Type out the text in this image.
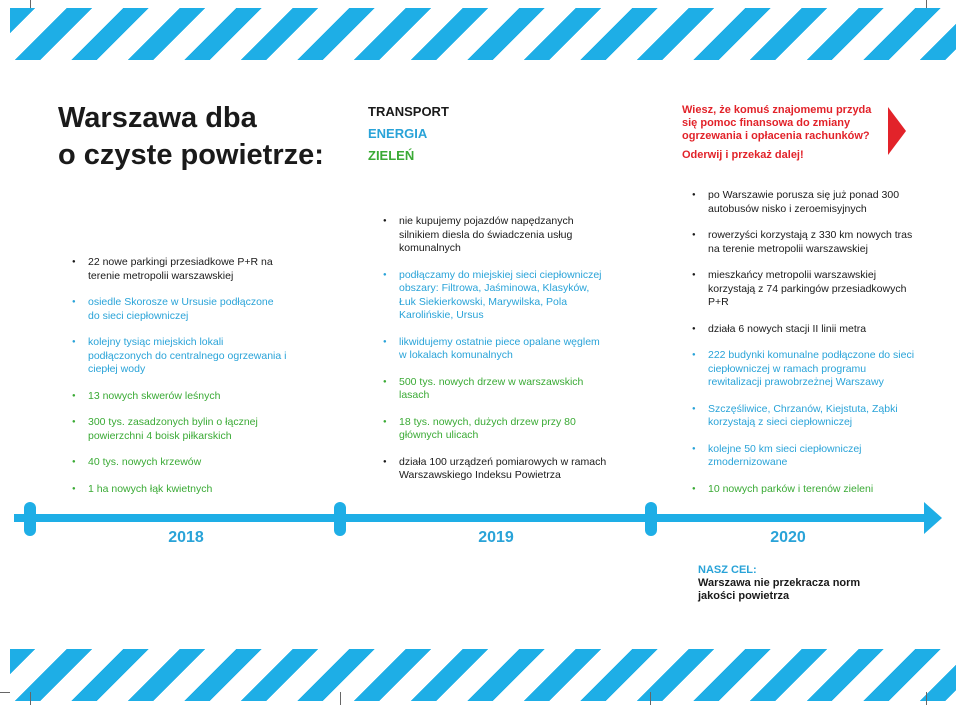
Warszawa dba
o czyste powietrze:
TRANSPORT
ENERGIA
ZIELEŃ
Wiesz, że komuś znajomemu przyda się pomoc finansowa do zmiany ogrzewania i opłacenia rachunków?
Oderwij i przekaż dalej!
● 22 nowe parkingi przesiadkowe P+R na terenie metropolii warszawskiej
● osiedle Skorosze w Ursusie podłączone do sieci ciepłowniczej
● kolejny tysiąc miejskich lokali podłączonych do centralnego ogrzewania i ciepłej wody
● 13 nowych skwerów leśnych
● 300 tys. zasadzonych bylin o łącznej powierzchni 4 boisk piłkarskich
● 40 tys. nowych krzewów
● 1 ha nowych łąk kwietnych
● nie kupujemy pojazdów napędzanych silnikiem diesla do świadczenia usług komunalnych
● podłączamy do miejskiej sieci ciepłowniczej obszary: Filtrowa, Jaśminowa, Klasyków, Łuk Siekierkowski, Marywilska, Pola Karolińskie, Ursus
● likwidujemy ostatnie piece opalane węglem w lokalach komunalnych
● 500 tys. nowych drzew w warszawskich lasach
● 18 tys. nowych, dużych drzew przy 80 głównych ulicach
● działa 100 urządzeń pomiarowych w ramach Warszawskiego Indeksu Powietrza
● po Warszawie porusza się już ponad 300 autobusów nisko i zeroemisyjnych
● rowerzyści korzystają z 330 km nowych tras na terenie metropolii warszawskiej
● mieszkańcy metropolii warszawskiej korzystają z 74 parkingów przesiadkowych P+R
● działa 6 nowych stacji II linii metra
● 222 budynki komunalne podłączone do sieci ciepłowniczej w ramach programu rewitalizacji prawobrzeżnej Warszawy
● Szczęśliwice, Chrzanów, Kiejstuta, Ząbki korzystają z sieci ciepłowniczej
● kolejne 50 km sieci ciepłowniczej zmodernizowane
● 10 nowych parków i terenów zieleni
2018	2019	2020
NASZ CEL:
Warszawa nie przekracza norm jakości powietrza
